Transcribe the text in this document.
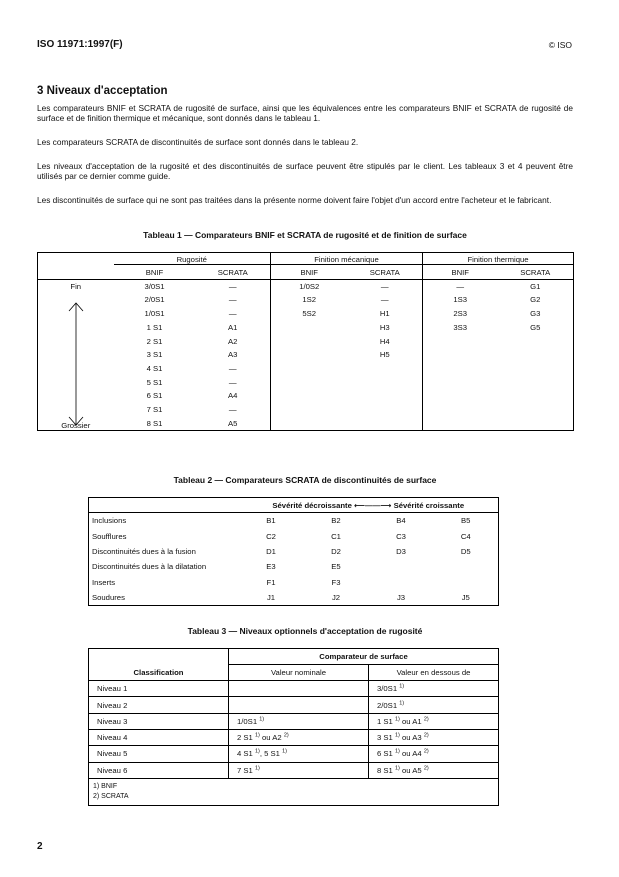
ISO 11971:1997(F)	© ISO
3 Niveaux d'acceptation
Les comparateurs BNIF et SCRATA de rugosité de surface, ainsi que les équivalences entre les comparateurs BNIF et SCRATA de rugosité de surface et de finition thermique et mécanique, sont donnés dans le tableau 1.
Les comparateurs SCRATA de discontinuités de surface sont donnés dans le tableau 2.
Les niveaux d'acceptation de la rugosité et des discontinuités de surface peuvent être stipulés par le client. Les tableaux 3 et 4 peuvent être utilisés par ce dernier comme guide.
Les discontinuités de surface qui ne sont pas traitées dans la présente norme doivent faire l'objet d'un accord entre l'acheteur et le fabricant.
Tableau 1 — Comparateurs BNIF et SCRATA de rugosité et de finition de surface
	Rugosité		Finition mécanique		Finition thermique	
	BNIF	SCRATA	BNIF	SCRATA	BNIF	SCRATA
Fin	3/0S1	—	1/0S2	—	—	G1
	2/0S1	—	1S2	—	1S3	G2
	1/0S1	—	5S2	H1	2S3	G3
	1 S1	A1		H3	3S3	G5
	2 S1	A2		H4		
	3 S1	A3		H5		
	4 S1	—				
	5 S1	—				
	6 S1	A4				
	7 S1	—				
Grossier	8 S1	A5				
Tableau 2 — Comparateurs SCRATA de discontinuités de surface
	Sévérité décroissante ⟵——⟶ Sévérité croissante			
Inclusions	B1	B2	B4	B5
Soufflures	C2	C1	C3	C4
Discontinuités dues à la fusion	D1	D2	D3	D5
Discontinuités dues à la dilatation	E3	E5		
Inserts	F1	F3		
Soudures	J1	J2	J3	J5
Tableau 3 — Niveaux optionnels d'acceptation de rugosité
	Comparateur de surface	
Classification	Valeur nominale	Valeur en dessous de
Niveau 1		3/0S1 $^{1)}$
Niveau 2		2/0S1 $^{1)}$
Niveau 3	1/0S1 $^{1)}$	1 S1 $^{1)}$ ou A1 $^{2)}$
Niveau 4	2 S1 $^{1)}$ ou A2 $^{2)}$	3 S1 $^{1)}$ ou A3 $^{2)}$
Niveau 5	4 S1 $^{1)}$, 5 S1 $^{1)}$	6 S1 $^{1)}$ ou A4 $^{2)}$
Niveau 6	7 S1 $^{1)}$	8 S1 $^{1)}$ ou A5 $^{2)}$

1) BNIF
2) SCRATA		
2
